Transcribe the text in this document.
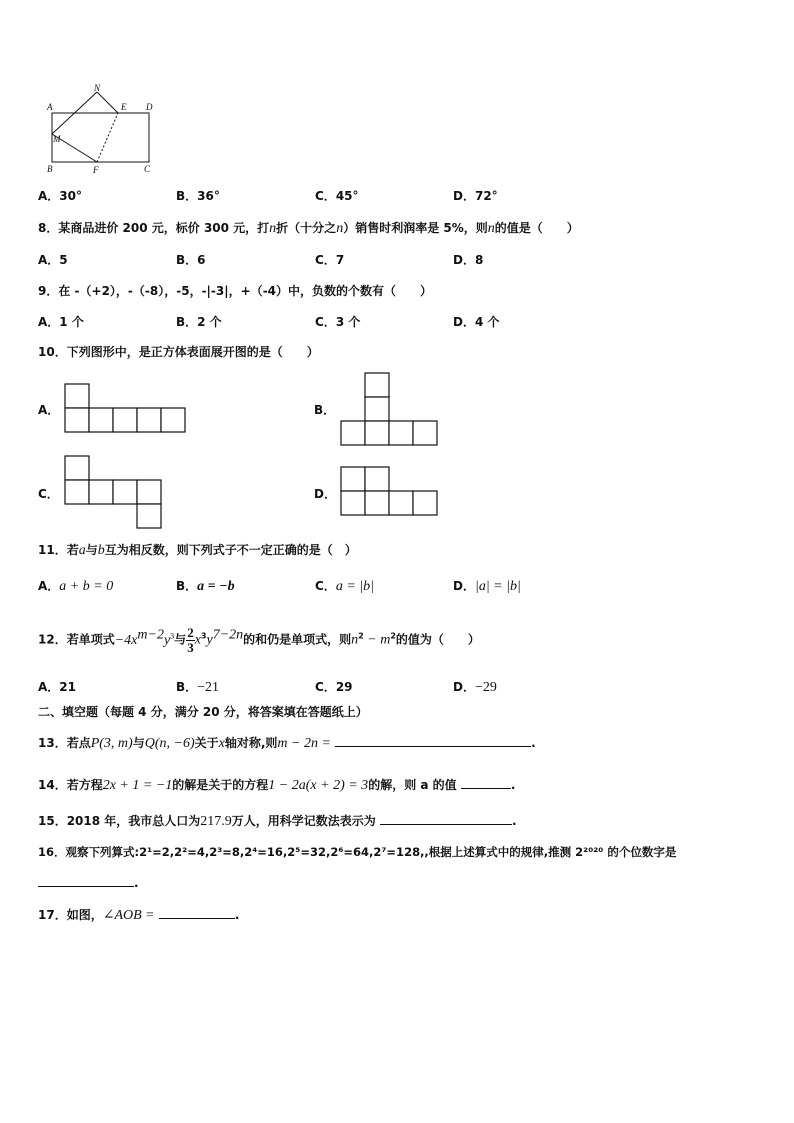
A
N
E D
M
B	F	C
A．30°	B．36°	C．45°	D．72°
8．某商品进价 200 元，标价 300 元，打n折（十分之n）销售时利润率是 5%，则n的值是（　　）
A．5	B．6	C．7	D．8
9．在 -（+2），-（-8），-5，-|-3|，+（-4）中，负数的个数有（　　）
A．1 个	B．2 个	C．3 个	D．4 个
10．下列图形中，是正方体表面展开图的是（　　）
A．	B．
C．	D．
11．若a与b互为相反数，则下列式子不一定正确的是（　）
A．a + b = 0	B．a = −b	C．a = |b|	D．|a| = |b|
12．若单项式$-4x^{m-2}y^3$与 $\frac{2}{3} x^3y^{7-2n}$的和仍是单项式，则$n^2 - m^2$的值为（　　）
A．21	B．−21	C．29	D．−29
二、填空题（每题 4 分，满分 20 分，将答案填在答题纸上）
13．若点P(3, m)与Q(n, −6)关于x轴对称,则m − 2n =	.
14．若方程2x + 1 = −1的解是关于的方程1 − 2a(x + 2) = 3的解，则 a 的值	.
15．2018 年，我市总人口为217.9万人，用科学记数法表示为	.
16．观察下列算式:2¹=2,2²=4,2³=8,2⁴=16,2⁵=32,2⁶=64,2⁷=128,,根据上述算式中的规律,推测 2²⁰²⁰ 的个位数字是
.
17．如图，∠AOB =	.
